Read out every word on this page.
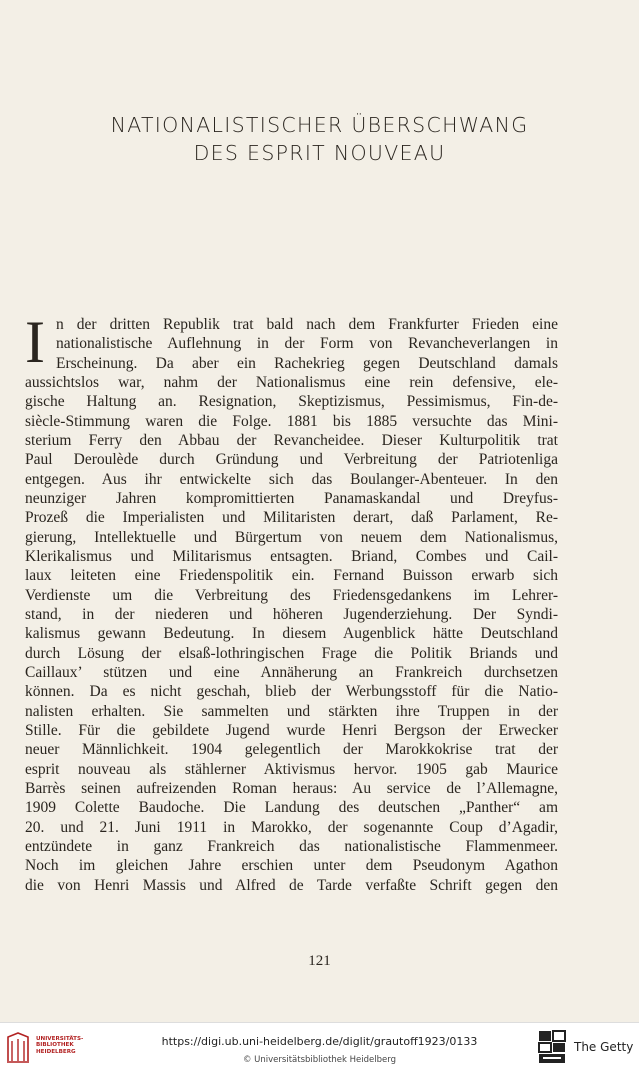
NATIONALISTISCHER ÜBERSCHWANG
DES ESPRIT NOUVEAU
I n der dritten Republik trat bald nach dem Frankfurter Frieden eine
nationalistische Auflehnung in der Form von Revancheverlangen in
Erscheinung. Da aber ein Rachekrieg gegen Deutschland damals
aussichtslos war, nahm der Nationalismus eine rein defensive, ele-
gische Haltung an. Resignation, Skeptizismus, Pessimismus, Fin-de-
siècle-Stimmung waren die Folge. 1881 bis 1885 versuchte das Mini-
sterium Ferry den Abbau der Revancheidee. Dieser Kulturpolitik trat
Paul Deroulède durch Gründung und Verbreitung der Patriotenliga
entgegen. Aus ihr entwickelte sich das Boulanger-Abenteuer. In den
neunziger Jahren kompromittierten Panamaskandal und Dreyfus-
Prozeß die Imperialisten und Militaristen derart, daß Parlament, Re-
gierung, Intellektuelle und Bürgertum von neuem dem Nationalismus,
Klerikalismus und Militarismus entsagten. Briand, Combes und Cail-
laux leiteten eine Friedenspolitik ein. Fernand Buisson erwarb sich
Verdienste um die Verbreitung des Friedensgedankens im Lehrer-
stand, in der niederen und höheren Jugenderziehung. Der Syndi-
kalismus gewann Bedeutung. In diesem Augenblick hätte Deutschland
durch Lösung der elsaß-lothringischen Frage die Politik Briands und
Caillaux’ stützen und eine Annäherung an Frankreich durchsetzen
können. Da es nicht geschah, blieb der Werbungsstoff für die Natio-
nalisten erhalten. Sie sammelten und stärkten ihre Truppen in der
Stille. Für die gebildete Jugend wurde Henri Bergson der Erwecker
neuer Männlichkeit. 1904 gelegentlich der Marokkokrise trat der
esprit nouveau als stählerner Aktivismus hervor. 1905 gab Maurice
Barrès seinen aufreizenden Roman heraus: Au service de l’Allemagne,
1909 Colette Baudoche. Die Landung des deutschen „Panther“ am
20. und 21. Juni 1911 in Marokko, der sogenannte Coup d’Agadir,
entzündete in ganz Frankreich das nationalistische Flammenmeer.
Noch im gleichen Jahre erschien unter dem Pseudonym Agathon
die von Henri Massis und Alfred de Tarde verfaßte Schrift gegen den
121
UNIVERSITÄTS-
BIBLIOTHEK
HEIDELBERG
https://digi.ub.uni-heidelberg.de/diglit/grautoff1923/0133
© Universitätsbibliothek Heidelberg
The Getty
